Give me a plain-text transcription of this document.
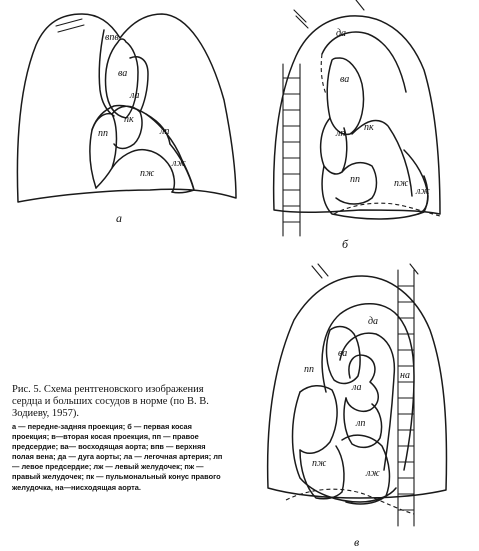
впв
ва
ла
лп
пп
пк
пж
лж
а
да
ва
пк
лп
пп	пж
лж
б
да
ва
на
пп
ла
лп
пж
лж
в

Рис. 5. Схема рентгеновского изображения сердца и больших сосудов в норме (по В. В. Зодиеву, 1957).

а — передне-задняя проекция; б — первая косая проекция; в—вторая косая проекция, пп — правое предсердие; ва— восходящая аорта; впв — верхняя полая вена; да — дуга аорты; ла — легочная артерия; лп — левое предсердие; лж — левый желудочек; пж — правый желудочек; пк — пульмональный конус правого желудочка, на—нисходящая аорта.
